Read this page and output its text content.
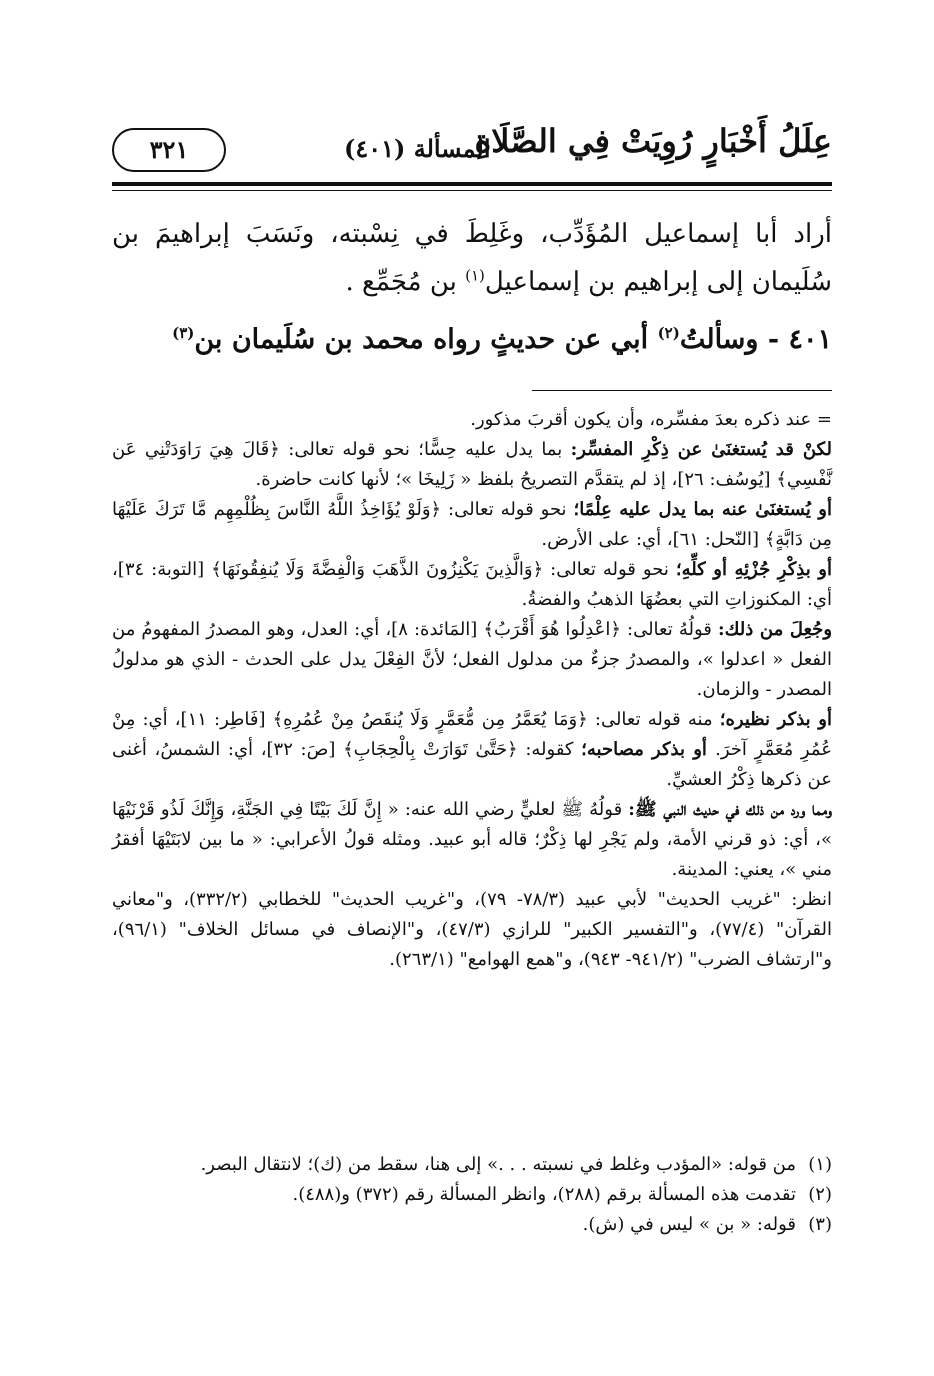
عِلَلُ أَخْبَارٍ رُوِيَتْ فِي الصَّلَاةِ
المسألة (٤٠١)
٣٢١

أراد أبا إسماعيل المُؤَدِّب، وغَلِطَ في نِسْبته، ونَسَبَ إبراهيمَ بن سُلَيمان إلى إبراهيم بن إسماعيل$^{(١)}$ بن مُجَمِّع .

٤٠١ - وسألتُ$^{(٢)}$ أبي عن حديثٍ رواه محمد بن سُلَيمان بن$^{(٣)}$

= عند ذكره بعدَ مفسِّره، وأن يكون أقربَ مذكور.

لكنْ قد يُستغنَىٰ عن ذِكْرِ المفسِّر: بما يدل عليه حِسًّا؛ نحو قوله تعالى: ﴿قَالَ هِيَ رَاوَدَتْنِي عَن نَّفْسِي﴾ [يُوسُف: ٢٦]، إذ لم يتقدَّم التصريحُ بلفظ « زَلِيخَا »؛ لأنها كانت حاضرة.

أو يُستغنَىٰ عنه بما يدل عليه عِلْمًا؛ نحو قوله تعالى: ﴿وَلَوْ يُؤَاخِذُ اللَّهُ النَّاسَ بِظُلْمِهِم مَّا تَرَكَ عَلَيْهَا مِن دَابَّةٍ﴾ [النّحل: ٦١]، أي: على الأرض.

أو بذِكْرِ جُزْئِهِ أو كلِّهِ؛ نحو قوله تعالى: ﴿وَالَّذِينَ يَكْنِزُونَ الذَّهَبَ وَالْفِضَّةَ وَلَا يُنفِقُونَهَا﴾ [التوبة: ٣٤]، أي: المكنوزاتِ التي بعضُهَا الذهبُ والفضةُ.

وجُعِلَ من ذلك: قولُهُ تعالى: ﴿اعْدِلُوا هُوَ أَقْرَبُ﴾ [المَائدة: ٨]، أي: العدل، وهو المصدرُ المفهومُ من الفعل « اعدلوا »، والمصدرُ جزءٌ من مدلول الفعل؛ لأنَّ الفِعْلَ يدل على الحدث - الذي هو مدلولُ المصدر - والزمان.

أو بذكر نظيره؛ منه قوله تعالى: ﴿وَمَا يُعَمَّرُ مِن مُّعَمَّرٍ وَلَا يُنقَصُ مِنْ عُمُرِهِ﴾ [فَاطِر: ١١]، أي: مِنْ عُمُرِ مُعَمَّرٍ آخرَ. أو بذكر مصاحبه؛ كقوله: ﴿حَتَّىٰ تَوَارَتْ بِالْحِجَابِ﴾ [صَ: ٣٢]، أي: الشمسُ، أغنى عن ذكرها ذِكْرُ العشيِّ.

ومما ورد من ذلك في حديث النبي ﷺ: قولُهُ ﷺ لعليٍّ رضي الله عنه: « إِنَّ لَكَ بَيْتًا فِي الجَنَّةِ، وَإِنَّكَ لَذُو قَرْنَيْهَا »، أي: ذو قرني الأمة، ولم يَجْرِ لها ذِكْرٌ؛ قاله أبو عبيد. ومثله قولُ الأعرابي: « ما بين لابَتَيْهَا أفقرُ مني »، يعني: المدينة.

انظر: "غريب الحديث" لأبي عبيد (٧٨/٣- ٧٩)، و"غريب الحديث" للخطابي (٣٣٢/٢)، و"معاني القرآن" (٧٧/٤)، و"التفسير الكبير" للرازي (٤٧/٣)، و"الإنصاف في مسائل الخلاف" (٩٦/١)، و"ارتشاف الضرب" (٩٤١/٢- ٩٤٣)، و"همع الهوامع" (٢٦٣/١).

(١)
من قوله: «المؤدب وغلط في نسبته . . .» إلى هنا، سقط من (ك)؛ لانتقال البصر.
(٢)
تقدمت هذه المسألة برقم (٢٨٨)، وانظر المسألة رقم (٣٧٢) و(٤٨٨).
(٣)
قوله: « بن » ليس في (ش).
